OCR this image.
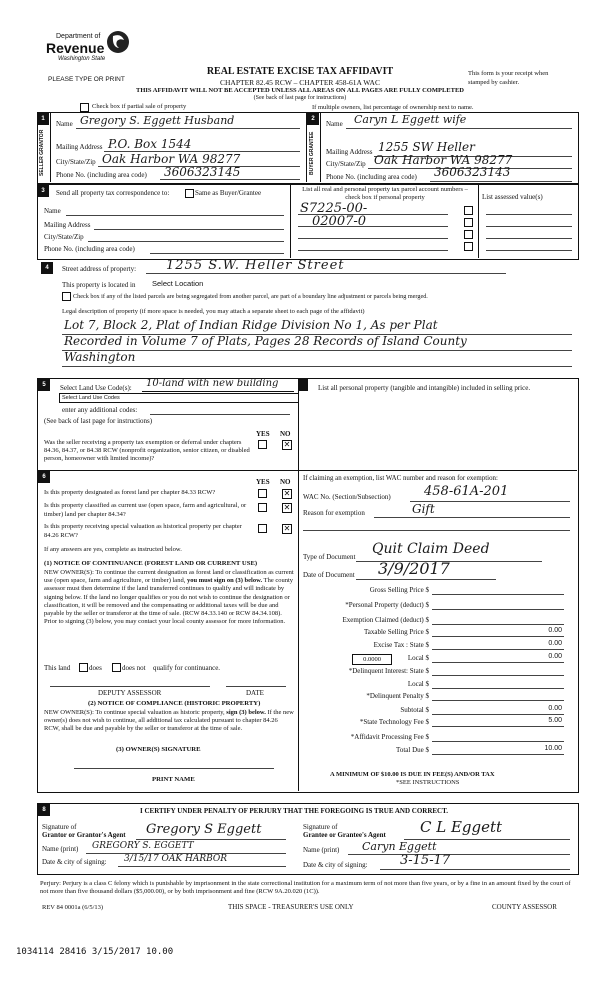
Department of
Revenue
Washington State
PLEASE TYPE OR PRINT
REAL ESTATE EXCISE TAX AFFIDAVIT
CHAPTER 82.45 RCW – CHAPTER 458-61A WAC
THIS AFFIDAVIT WILL NOT BE ACCEPTED UNLESS ALL AREAS ON ALL PAGES ARE FULLY COMPLETED
(See back of last page for instructions)
This form is your receipt when stamped by cashier.
Check box if partial sale of property	If multiple owners, list percentage of ownership next to name.
1
SELLER GRANTOR
Name Gregory S. Eggett Husband
Mailing Address P.O. Box 1544
City/State/Zip Oak Harbor WA 98277
Phone No. (including area code) 3606323145
2
BUYER GRANTEE
Name Caryn L Eggett wife
Mailing Address 1255 SW Heller
City/State/Zip Oak Harbor WA 98277
Phone No. (including area code) 3606323143
3	Send all property tax correspondence to:	Same as Buyer/Grantee
Name
Mailing Address
City/State/Zip
Phone No. (including area code)
List all real and personal property tax parcel account numbers – check box if personal property	List assessed value(s)
S7225-00-
02007-0
4	Street address of property: 1255 S.W. Heller Street
This property is located in Select Location
Check box if any of the listed parcels are being segregated from another parcel, are part of a boundary line adjustment or parcels being merged.
Legal description of property (if more space is needed, you may attach a separate sheet to each page of the affidavit)
Lot 7, Block 2, Plat of Indian Ridge Division No 1, As per Plat
Recorded in Volume 7 of Plats, Pages 28 Records of Island County
Washington
5	Select Land Use Code(s): 10-land with new building
Select Land Use Codes
enter any additional codes:
(See back of last page for instructions)
YES NO
Was the seller receiving a property tax exemption or deferral under chapters 84.36, 84.37, or 84.38 RCW (nonprofit organization, senior citizen, or disabled person, homeowner with limited income)?
✕
List all personal property (tangible and intangible) included in selling price.
6
YES NO
Is this property designated as forest land per chapter 84.33 RCW?	✕
Is this property classified as current use (open space, farm and agricultural, or timber) land per chapter 84.34?
✕
Is this property receiving special valuation as historical property per chapter 84.26 RCW?
✕
If any answers are yes, complete as instructed below.
(1) NOTICE OF CONTINUANCE (FOREST LAND OR CURRENT USE)
NEW OWNER(S): To continue the current designation as forest land or classification as current use (open space, farm and agriculture, or timber) land, you must sign on (3) below. The county assessor must then determine if the land transferred continues to qualify and will indicate by signing below. If the land no longer qualifies or you do not wish to continue the designation or classification, it will be removed and the compensating or additional taxes will be due and payable by the seller or transferor at the time of sale. (RCW 84.33.140 or RCW 84.34.108). Prior to signing (3) below, you may contact your local county assessor for more information.
This land	does	does not qualify for continuance.
DEPUTY ASSESSOR	DATE
(2) NOTICE OF COMPLIANCE (HISTORIC PROPERTY)
NEW OWNER(S): To continue special valuation as historic property, sign (3) below. If the new owner(s) does not wish to continue, all additional tax calculated pursuant to chapter 84.26 RCW, shall be due and payable by the seller or transferor at the time of sale.
(3) OWNER(S) SIGNATURE
PRINT NAME
If claiming an exemption, list WAC number and reason for exemption:
WAC No. (Section/Subsection)	458-61A-201
Reason for exemption	Gift
Type of Document Quit Claim Deed
Date of Document 3/9/2017
Gross Selling Price $
*Personal Property (deduct) $
Exemption Claimed (deduct) $
Taxable Selling Price $	0.00
Excise Tax : State $	0.00
Local $	0.00
*Delinquent Interest: State $
Local $
*Delinquent Penalty $
Subtotal $	0.00
*State Technology Fee $	5.00
*Affidavit Processing Fee $
Total Due $	10.00
0.0000
A MINIMUM OF $10.00 IS DUE IN FEE(S) AND/OR TAX
*SEE INSTRUCTIONS
8	I CERTIFY UNDER PENALTY OF PERJURY THAT THE FOREGOING IS TRUE AND CORRECT.
Signature of
Grantor or Grantor's Agent Gregory S Eggett
Name (print) GREGORY S. EGGETT
Date & city of signing: 3/15/17 OAK HARBOR
Signature of
Grantee or Grantee's Agent C L Eggett
Name (print) Caryn Eggett
Date & city of signing: 3-15-17
Perjury: Perjury is a class C felony which is punishable by imprisonment in the state correctional institution for a maximum term of not more than five years, or by a fine in an amount fixed by the court of not more than five thousand dollars ($5,000.00), or by both imprisonment and fine (RCW 9A.20.020 (1C)).
REV 84 0001a (6/5/13)	THIS SPACE - TREASURER'S USE ONLY	COUNTY ASSESSOR
1034114 28416 3/15/2017 10.00
